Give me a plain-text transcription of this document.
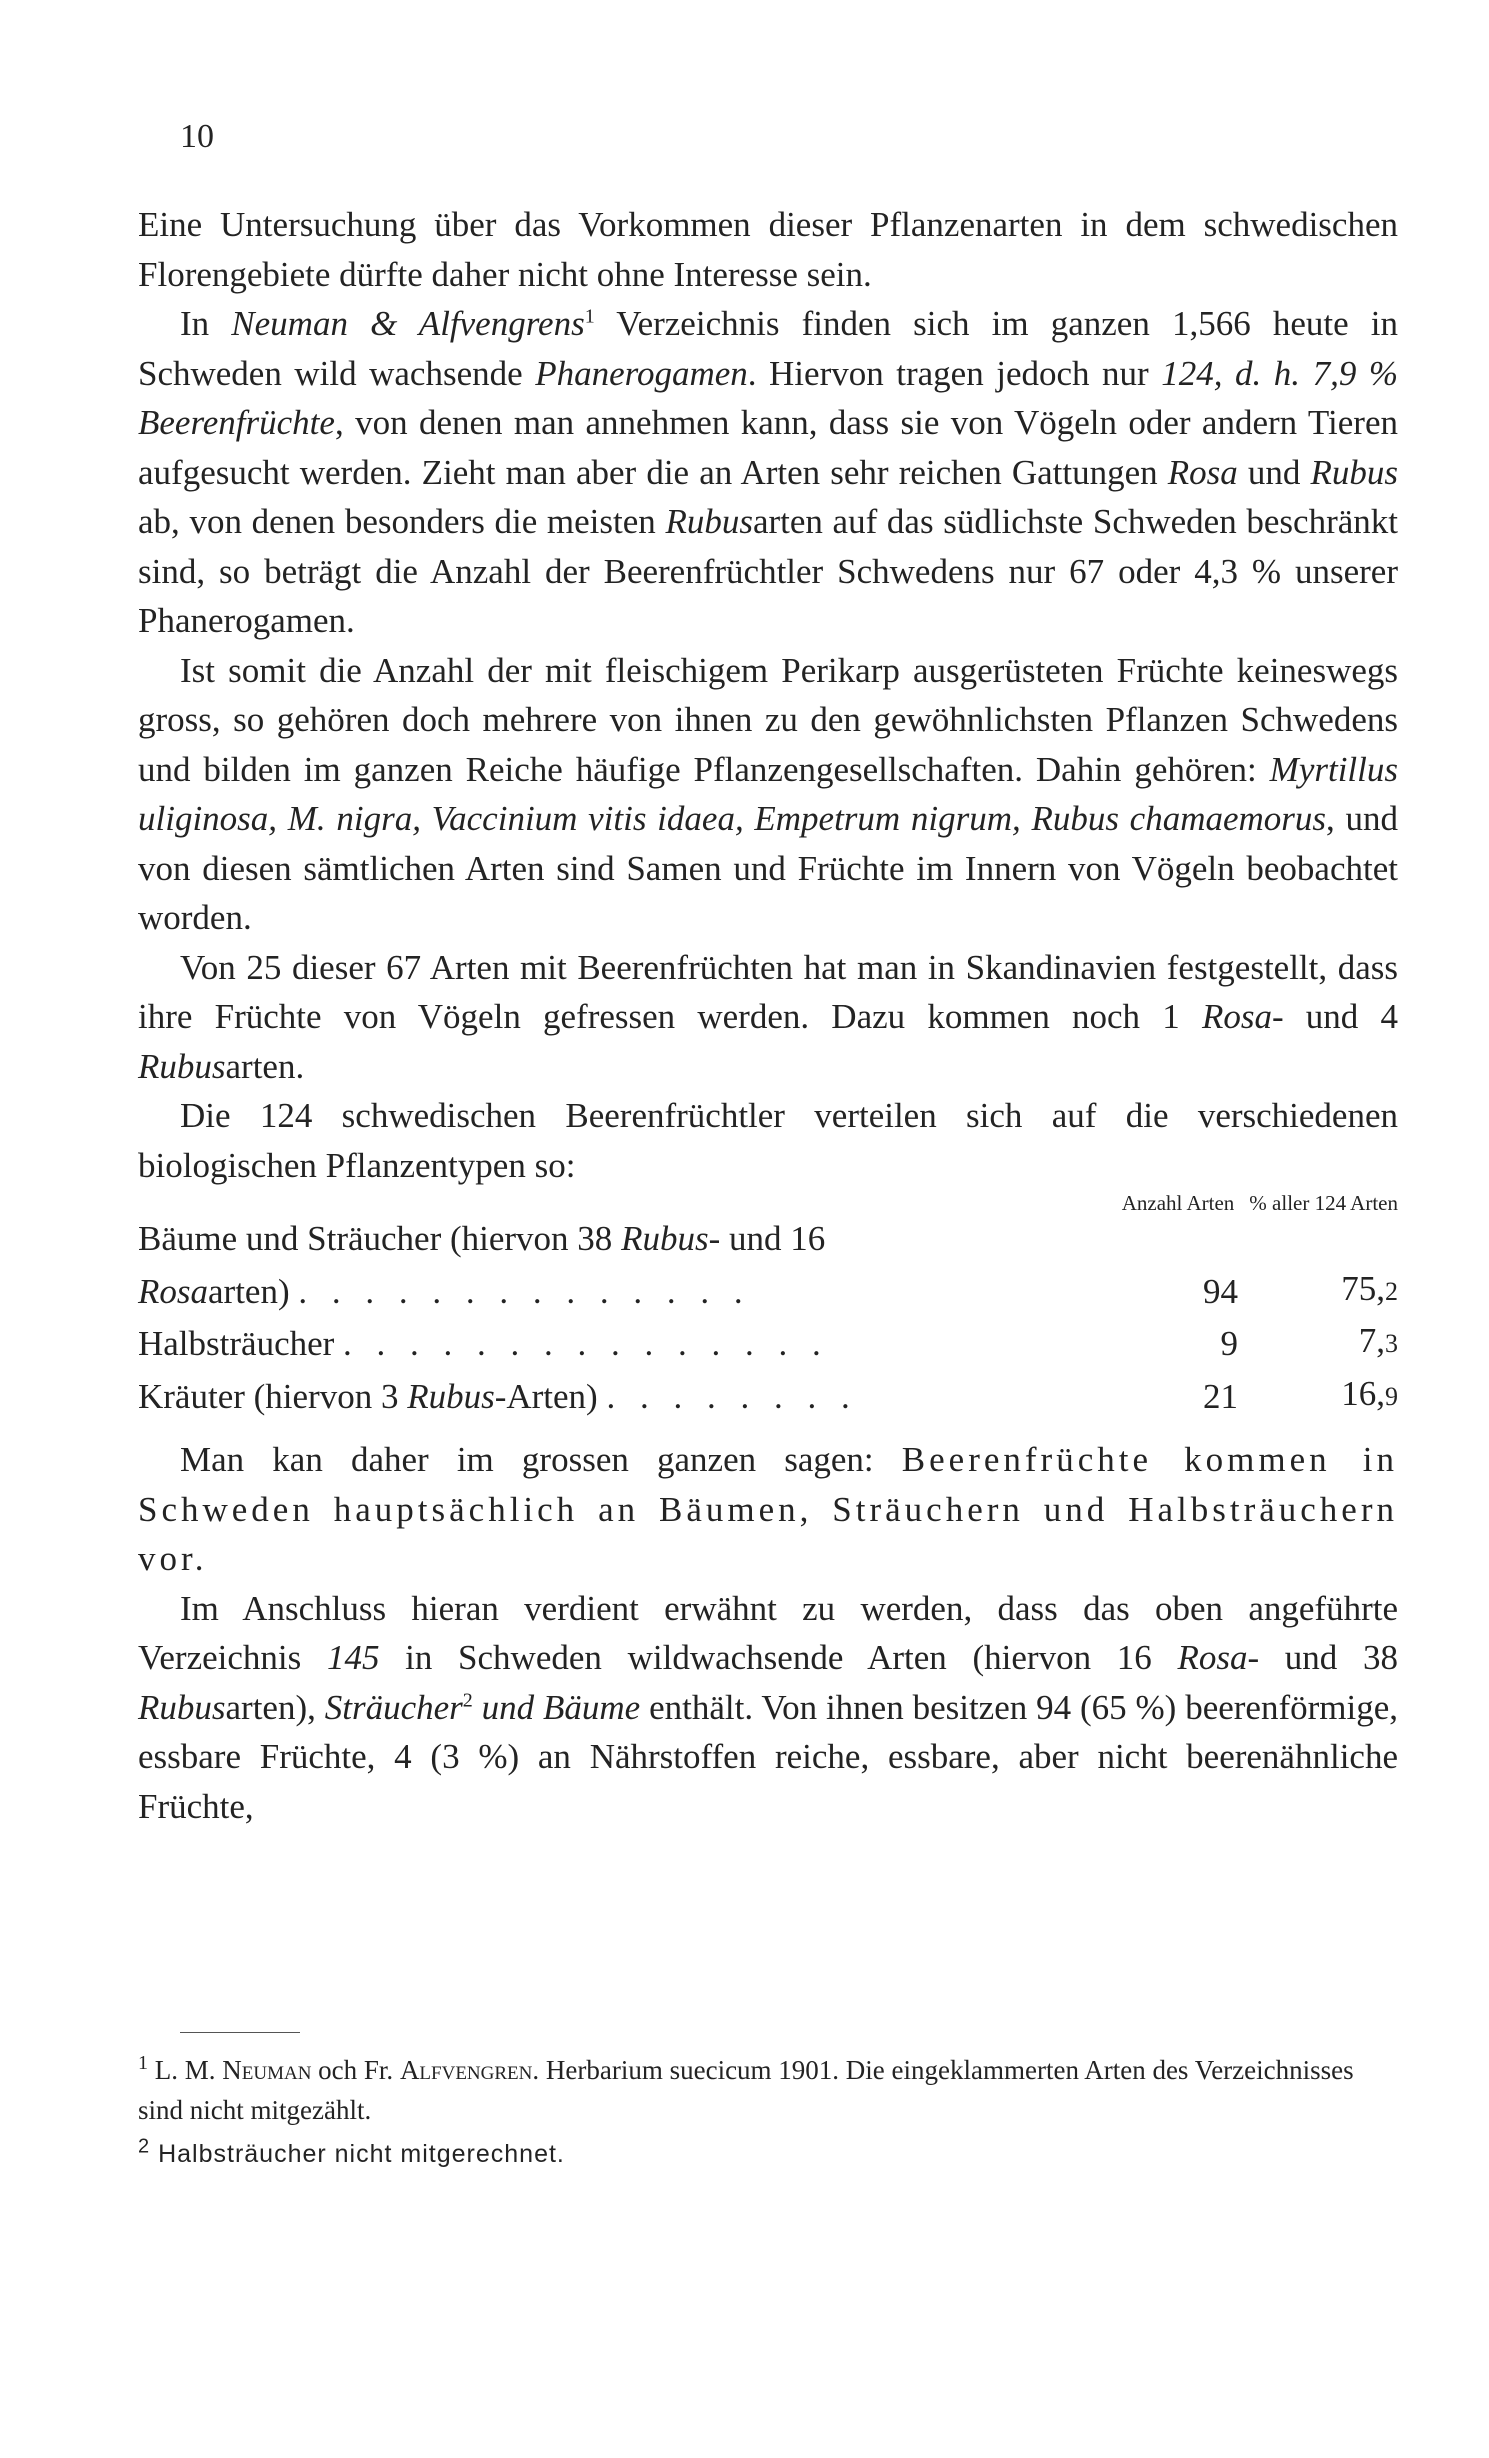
10

Eine Untersuchung über das Vorkommen dieser Pflanzenarten in dem schwedischen Florengebiete dürfte daher nicht ohne Interesse sein.

In Neuman & Alfvengrens$^1$ Verzeichnis finden sich im ganzen 1,566 heute in Schweden wild wachsende Phanerogamen. Hiervon tragen jedoch nur 124, d. h. 7,9 % Beerenfrüchte, von denen man annehmen kann, dass sie von Vögeln oder andern Tieren aufgesucht werden. Zieht man aber die an Arten sehr reichen Gattungen Rosa und Rubus ab, von denen besonders die meisten Rubusarten auf das südlichste Schweden beschränkt sind, so beträgt die Anzahl der Beerenfrüchtler Schwedens nur 67 oder 4,3 % unserer Phanerogamen.

Ist somit die Anzahl der mit fleischigem Perikarp ausgerüsteten Früchte keineswegs gross, so gehören doch mehrere von ihnen zu den gewöhnlichsten Pflanzen Schwedens und bilden im ganzen Reiche häufige Pflanzengesellschaften. Dahin gehören: Myrtillus uliginosa, M. nigra, Vaccinium vitis idaea, Empetrum nigrum, Rubus chamaemorus, und von diesen sämtlichen Arten sind Samen und Früchte im Innern von Vögeln beobachtet worden.

Von 25 dieser 67 Arten mit Beerenfrüchten hat man in Skandinavien festgestellt, dass ihre Früchte von Vögeln gefressen werden. Dazu kommen noch 1 Rosa- und 4 Rubusarten.

Die 124 schwedischen Beerenfrüchtler verteilen sich auf die verschiedenen biologischen Pflanzentypen so:

	Anzahl Arten	% aller 124 Arten
Bäume und Sträucher (hiervon 38 Rubus- und 16		
Rosaarten) . . . . . . . . . . . . . .	94	75,2
Halbsträucher . . . . . . . . . . . . . . .	9	7,3
Kräuter (hiervon 3 Rubus-Arten) . . . . . . . .	21	16,9

Man kan daher im grossen ganzen sagen: Beerenfrüchte kommen in Schweden hauptsächlich an Bäumen, Sträuchern und Halbsträuchern vor.

Im Anschluss hieran verdient erwähnt zu werden, dass das oben angeführte Verzeichnis 145 in Schweden wildwachsende Arten (hiervon 16 Rosa- und 38 Rubusarten), Sträucher$^2$ und Bäume enthält. Von ihnen besitzen 94 (65 %) beerenförmige, essbare Früchte, 4 (3 %) an Nährstoffen reiche, essbare, aber nicht beerenähnliche Früchte,

$^1$ L. M. Neuman och Fr. Alfvengren. Herbarium suecicum 1901. Die eingeklammerten Arten des Verzeichnisses sind nicht mitgezählt.

$^2$ Halbsträucher nicht mitgerechnet.
